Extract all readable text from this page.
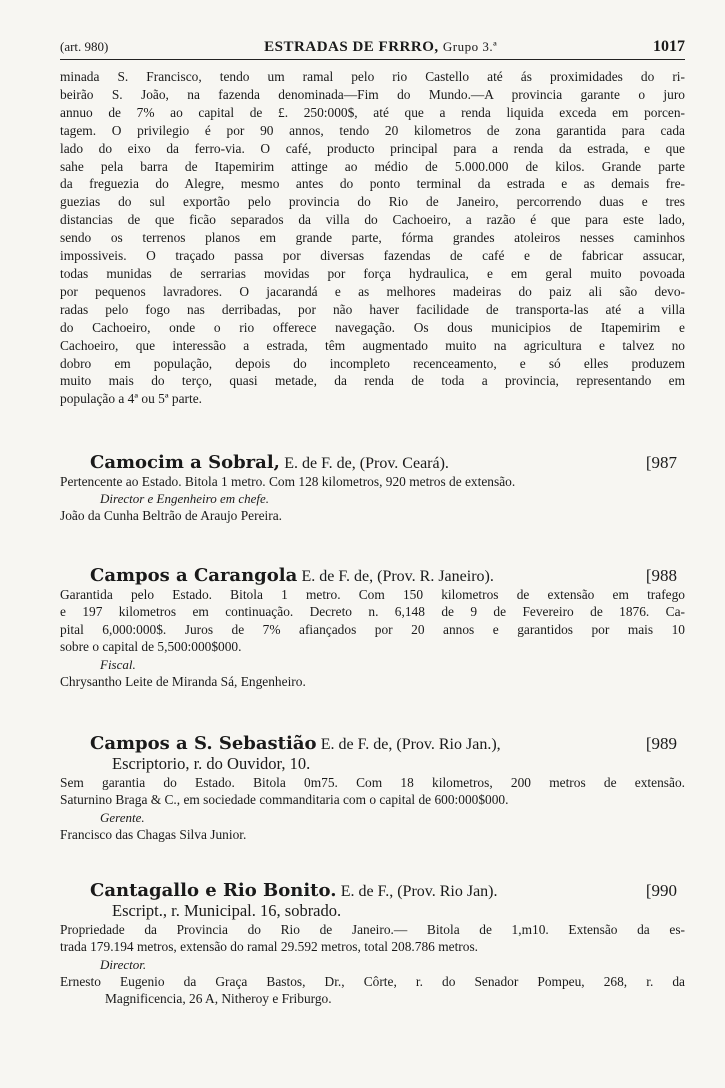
(art. 980)	ESTRADAS DE FRRRO, Grupo 3.ª	1017
minada S. Francisco, tendo um ramal pelo rio Castello até ás proximidades do ri-
beirão S. João, na fazenda denominada—Fim do Mundo.—A provincia garante o juro
annuo de 7% ao capital de £. 250:000$, até que a renda liquida exceda em porcen-
tagem. O privilegio é por 90 annos, tendo 20 kilometros de zona garantida para cada
lado do eixo da ferro-via. O café, producto principal para a renda da estrada, e que
sahe pela barra de Itapemirim attinge ao médio de 5.000.000 de kilos. Grande parte
da freguezia do Alegre, mesmo antes do ponto terminal da estrada e as demais fre-
guezias do sul exportão pelo provincia do Rio de Janeiro, percorrendo duas e tres
distancias de que ficão separados da villa do Cachoeiro, a razão é que para este lado,
sendo os terrenos planos em grande parte, fórma grandes atoleiros nesses caminhos
impossiveis. O traçado passa por diversas fazendas de café e de fabricar assucar,
todas munidas de serrarias movidas por força hydraulica, e em geral muito povoada
por pequenos lavradores. O jacarandá e as melhores madeiras do paiz ali são devo-
radas pelo fogo nas derribadas, por não haver facilidade de transporta-las até a villa
do Cachoeiro, onde o rio offerece navegação. Os dous municipios de Itapemirim e
Cachoeiro, que interessão a estrada, têm augmentado muito na agricultura e talvez no
dobro em população, depois do incompleto recenceamento, e só elles produzem
muito mais do terço, quasi metade, da renda de toda a provincia, representando em
população a 4ª ou 5ª parte.
Camocim a Sobral, E. de F. de, (Prov. Ceará).	[987
Pertencente ao Estado. Bitola 1 metro. Com 128 kilometros, 920 metros de extensão.
Director e Engenheiro em chefe.
João da Cunha Beltrão de Araujo Pereira.
Campos a Carangola E. de F. de, (Prov. R. Janeiro).	[988
Garantida pelo Estado. Bitola 1 metro. Com 150 kilometros de extensão em trafego
e 197 kilometros em continuação. Decreto n. 6,148 de 9 de Fevereiro de 1876. Ca-
pital 6,000:000$. Juros de 7% afiançados por 20 annos e garantidos por mais 10
sobre o capital de 5,500:000$000.
Fiscal.
Chrysantho Leite de Miranda Sá, Engenheiro.
Campos a S. Sebastião E. de F. de, (Prov. Rio Jan.),	[989
Escriptorio, r. do Ouvidor, 10.
Sem garantia do Estado. Bitola 0m75. Com 18 kilometros, 200 metros de extensão.
Saturnino Braga & C., em sociedade commanditaria com o capital de 600:000$000.
Gerente.
Francisco das Chagas Silva Junior.
Cantagallo e Rio Bonito. E. de F., (Prov. Rio Jan).	[990
Escript., r. Municipal. 16, sobrado.
Propriedade da Provincia do Rio de Janeiro.— Bitola de 1,m10. Extensão da es-
trada 179.194 metros, extensão do ramal 29.592 metros, total 208.786 metros.
Director.
Ernesto Eugenio da Graça Bastos, Dr., Côrte, r. do Senador Pompeu, 268, r. da
Magnificencia, 26 A, Nitheroy e Friburgo.
